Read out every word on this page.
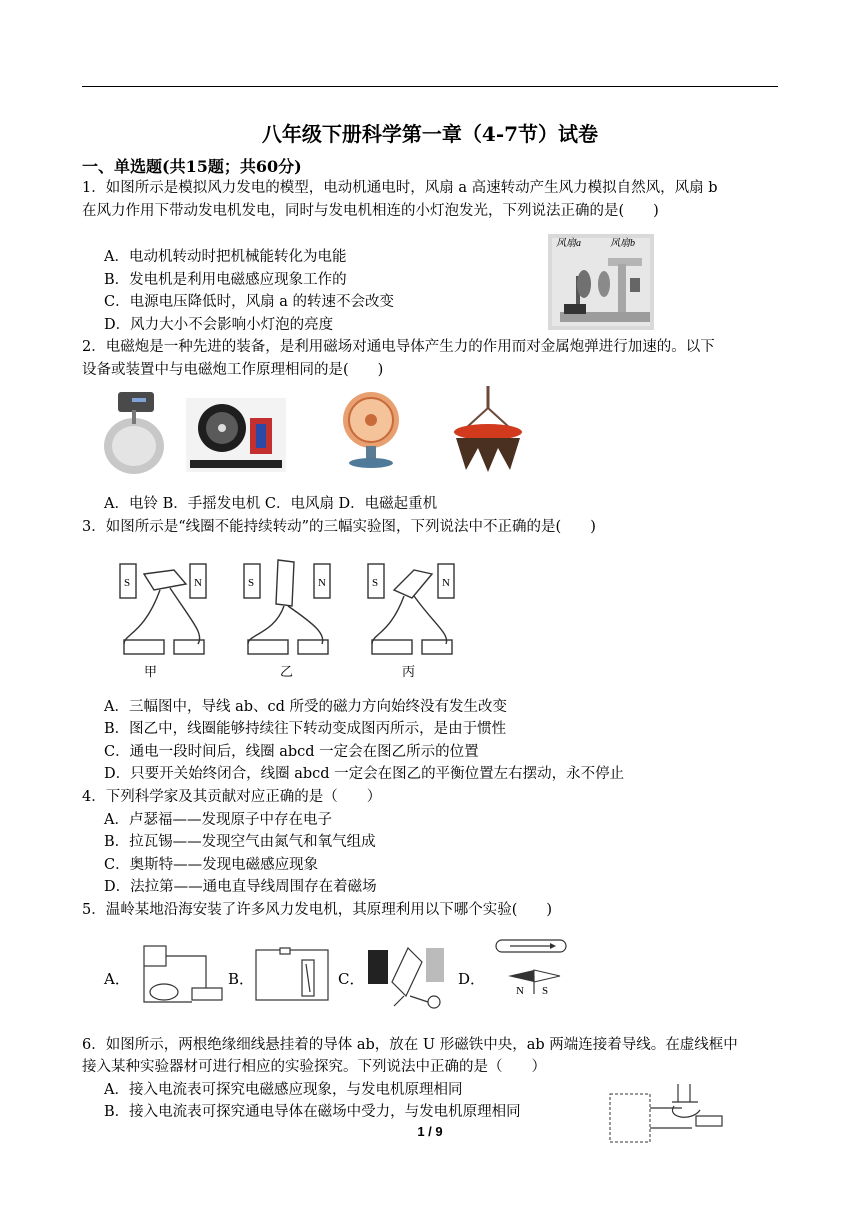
八年级下册科学第一章（4-7节）试卷
一、单选题(共15题；共60分)
1．如图所示是模拟风力发电的模型，电动机通电时，风扇 a 高速转动产生风力模拟自然风，风扇 b
在风力作用下带动发电机发电，同时与发电机相连的小灯泡发光，下列说法正确的是(　　)
A．电动机转动时把机械能转化为电能
B．发电机是利用电磁感应现象工作的
C．电源电压降低时，风扇 a 的转速不会改变
D．风力大小不会影响小灯泡的亮度
风扇a	风扇b
2．电磁炮是一种先进的装备，是利用磁场对通电导体产生力的作用而对金属炮弹进行加速的。以下
设备或装置中与电磁炮工作原理相同的是(　　)
A．电铃 B．手摇发电机 C．电风扇 D．电磁起重机
3．如图所示是“线圈不能持续转动”的三幅实验图，下列说法中不正确的是(　　)
S	N	S	N	S	N
甲	乙	丙
A．三幅图中，导线 ab、cd 所受的磁力方向始终没有发生改变
B．图乙中，线圈能够持续往下转动变成图丙所示，是由于惯性
C．通电一段时间后，线圈 abcd 一定会在图乙所示的位置
D．只要开关始终闭合，线圈 abcd 一定会在图乙的平衡位置左右摆动，永不停止
4．下列科学家及其贡献对应正确的是（　　）
A．卢瑟福——发现原子中存在电子
B．拉瓦锡——发现空气由氮气和氧气组成
C．奥斯特——发现电磁感应现象
D．法拉第——通电直导线周围存在着磁场
5．温岭某地沿海安装了许多风力发电机，其原理利用以下哪个实验(　　)
A．	B．	C．	D．
N S
6．如图所示，两根绝缘细线悬挂着的导体 ab，放在 U 形磁铁中央，ab 两端连接着导线。在虚线框中
接入某种实验器材可进行相应的实验探究。下列说法中正确的是（　　）
A．接入电流表可探究电磁感应现象，与发电机原理相同
B．接入电流表可探究通电导体在磁场中受力，与发电机原理相同
1 / 9
